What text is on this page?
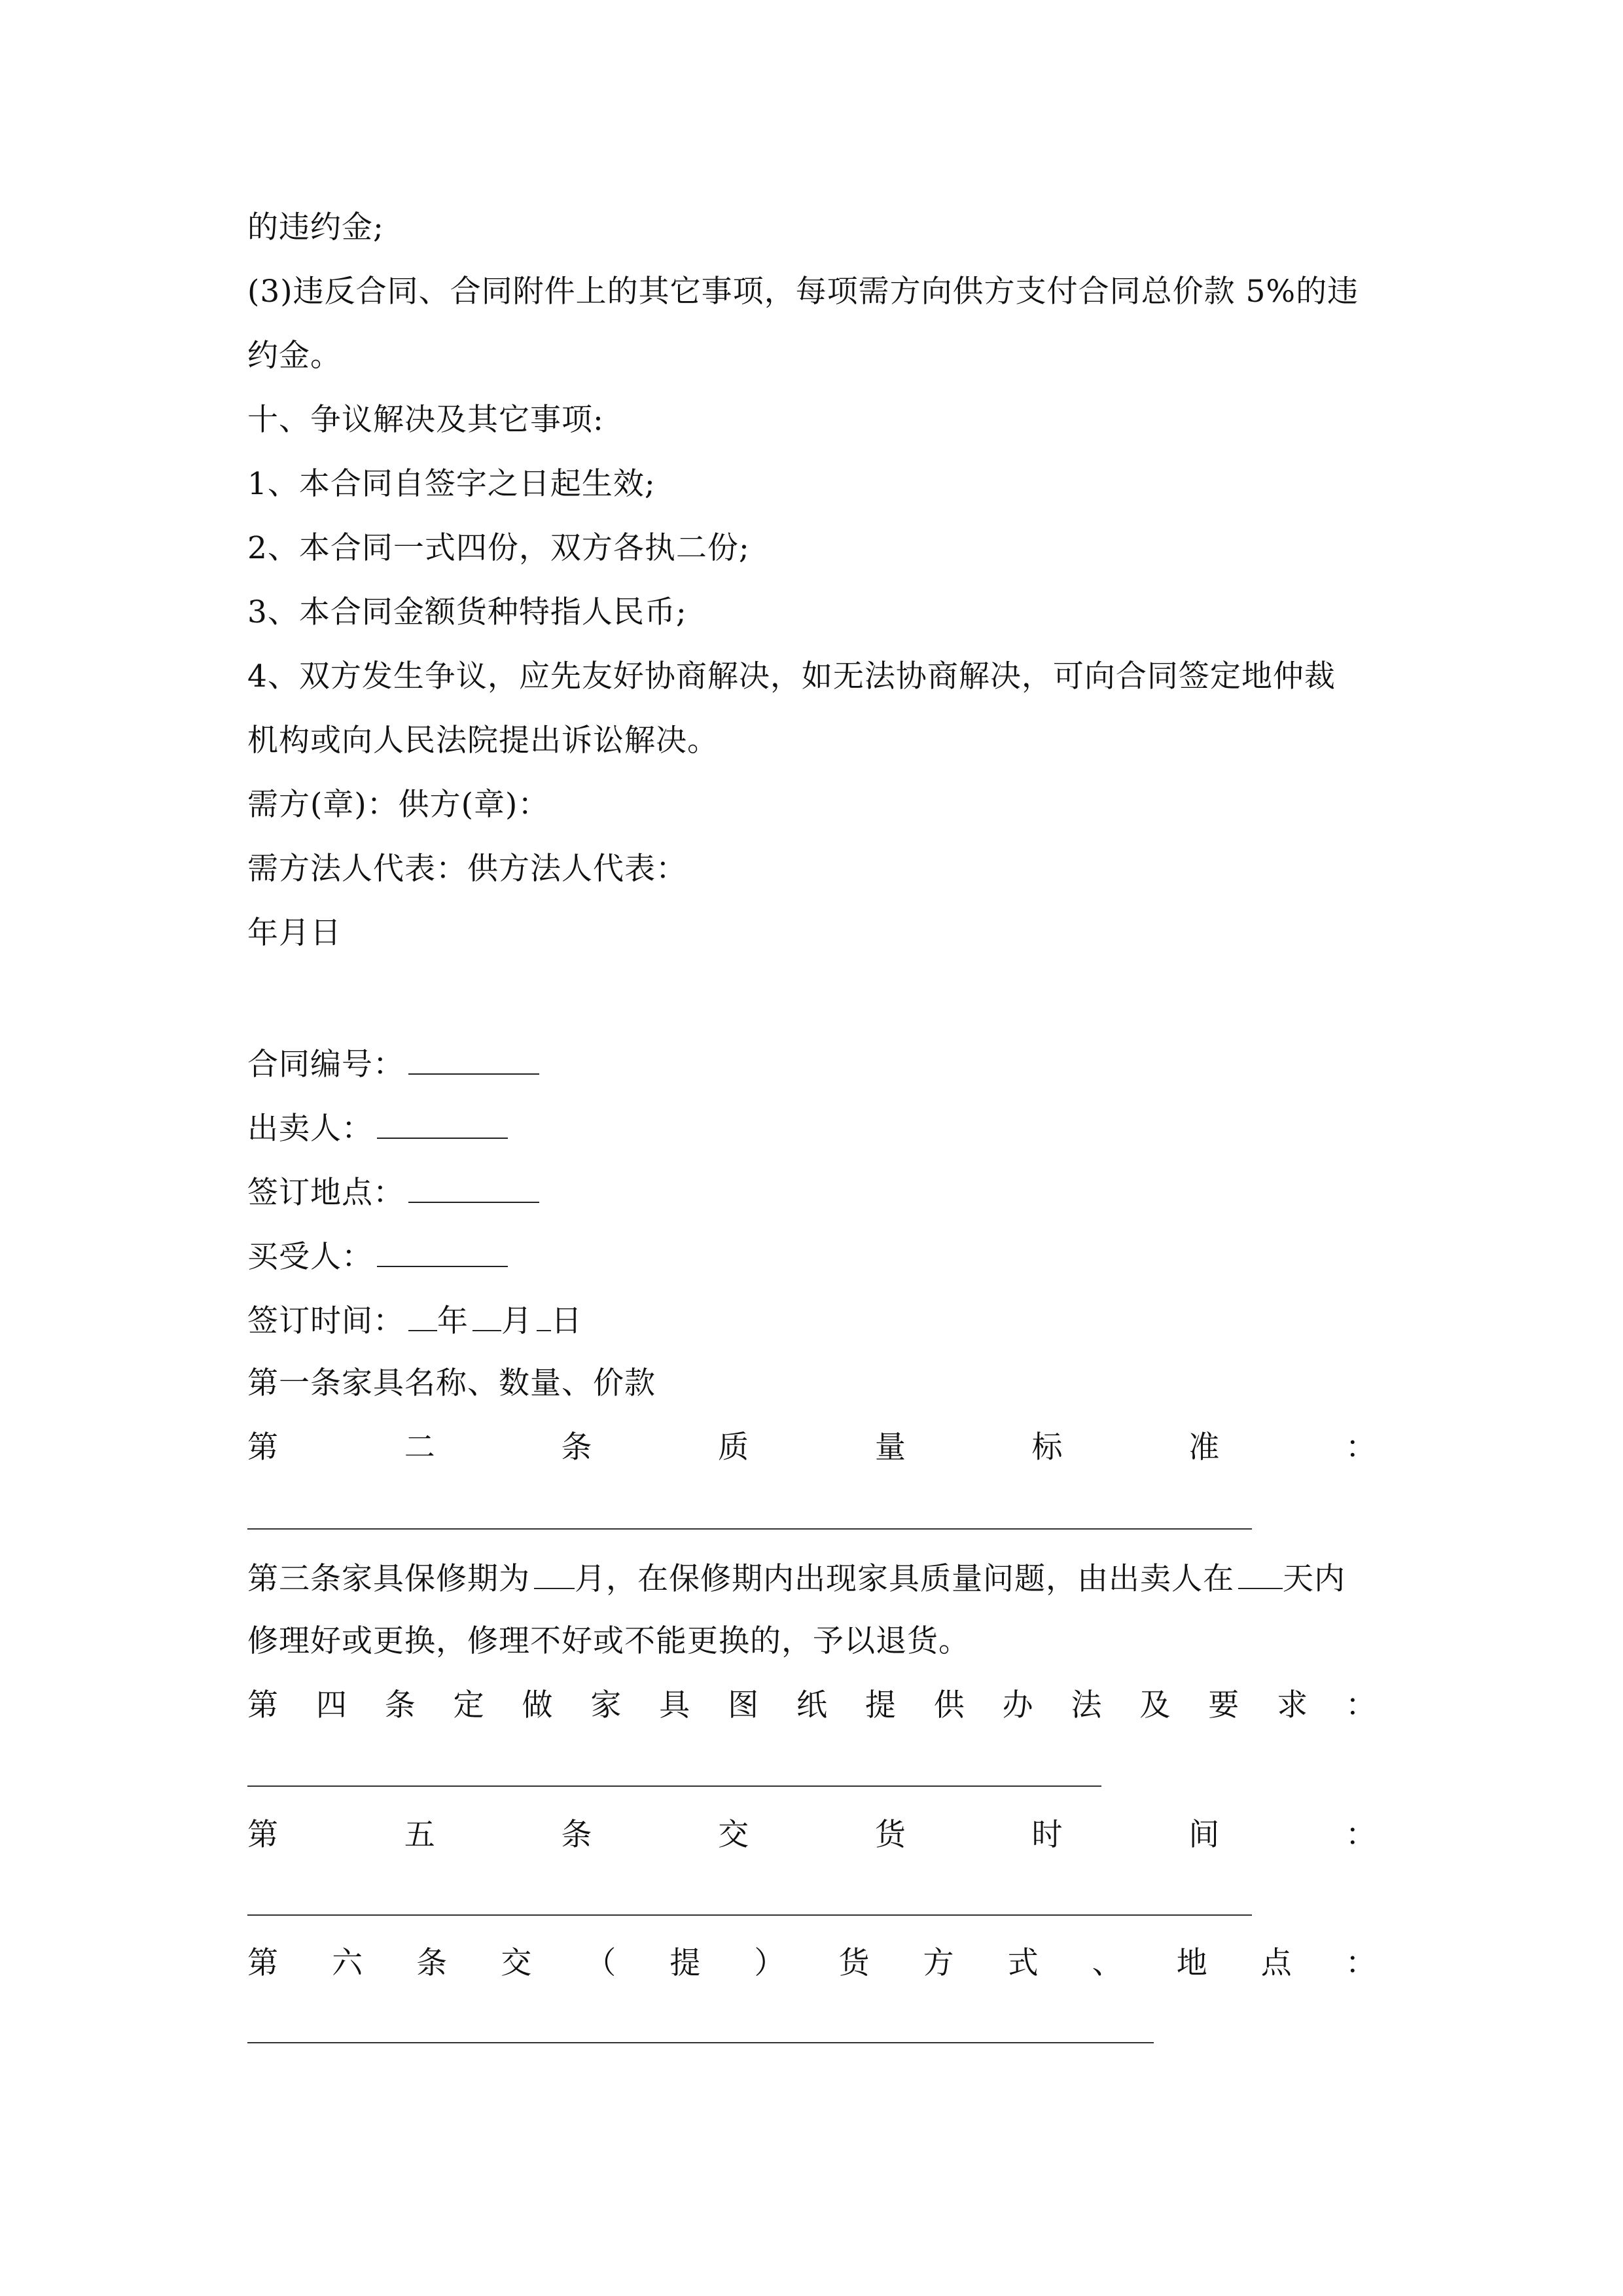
的违约金;
(3)违反合同、合同附件上的其它事项，每项需方向供方支付合同总价款 5%的违
约金。
十、争议解决及其它事项:
1、本合同自签字之日起生效;
2、本合同一式四份，双方各执二份;
3、本合同金额货种特指人民币;
4、双方发生争议，应先友好协商解决，如无法协商解决，可向合同签定地仲裁
机构或向人民法院提出诉讼解决。
需方(章)：供方(章)：
需方法人代表：供方法人代表：
年月日
合同编号：
出卖人：
签订地点：
买受人：
签订时间： 年 月 日
第一条家具名称、数量、价款
第	二	条	质	量	标	准	：
第三条家具保修期为 月，在保修期内出现家具质量问题，由出卖人在 天内
修理好或更换，修理不好或不能更换的，予以退货。
第 四 条 定 做 家 具 图 纸 提 供 办 法 及 要 求 ：
第	五	条	交	货	时	间	：
第 六 条 交 （ 提 ） 货 方 式 、 地 点 ：
